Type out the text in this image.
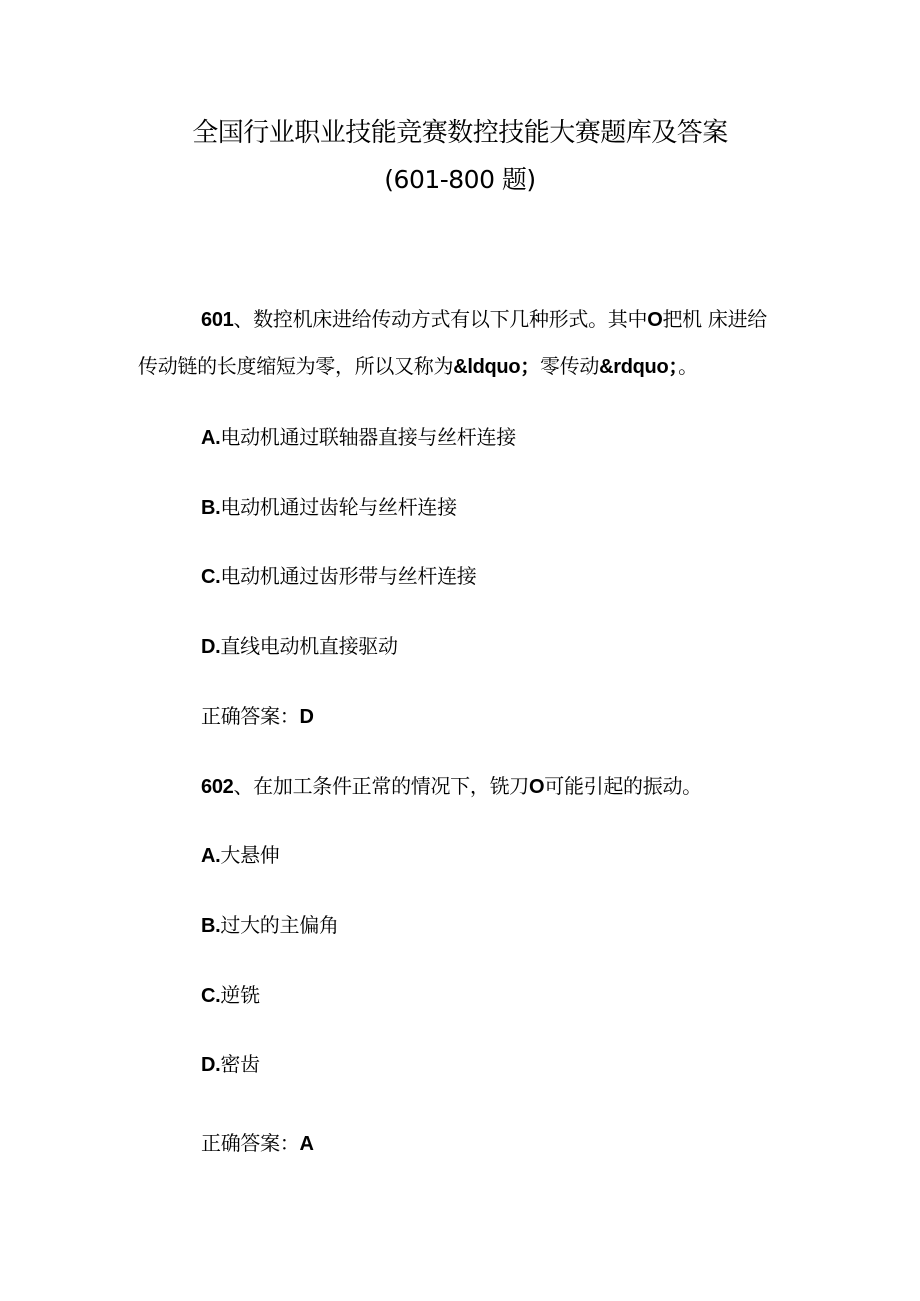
全国行业职业技能竞赛数控技能大赛题库及答案
(601-800 题)
601、数控机床进给传动方式有以下几种形式。其中O把机 床进给
传动链的长度缩短为零，所以又称为&ldquo；零传动&rdquo；。
A.电动机通过联轴器直接与丝杆连接
B.电动机通过齿轮与丝杆连接
C.电动机通过齿形带与丝杆连接
D.直线电动机直接驱动
正确答案：D
602、在加工条件正常的情况下，铣刀O可能引起的振动。
A.大悬伸
B.过大的主偏角
C.逆铣
D.密齿
正确答案：A
